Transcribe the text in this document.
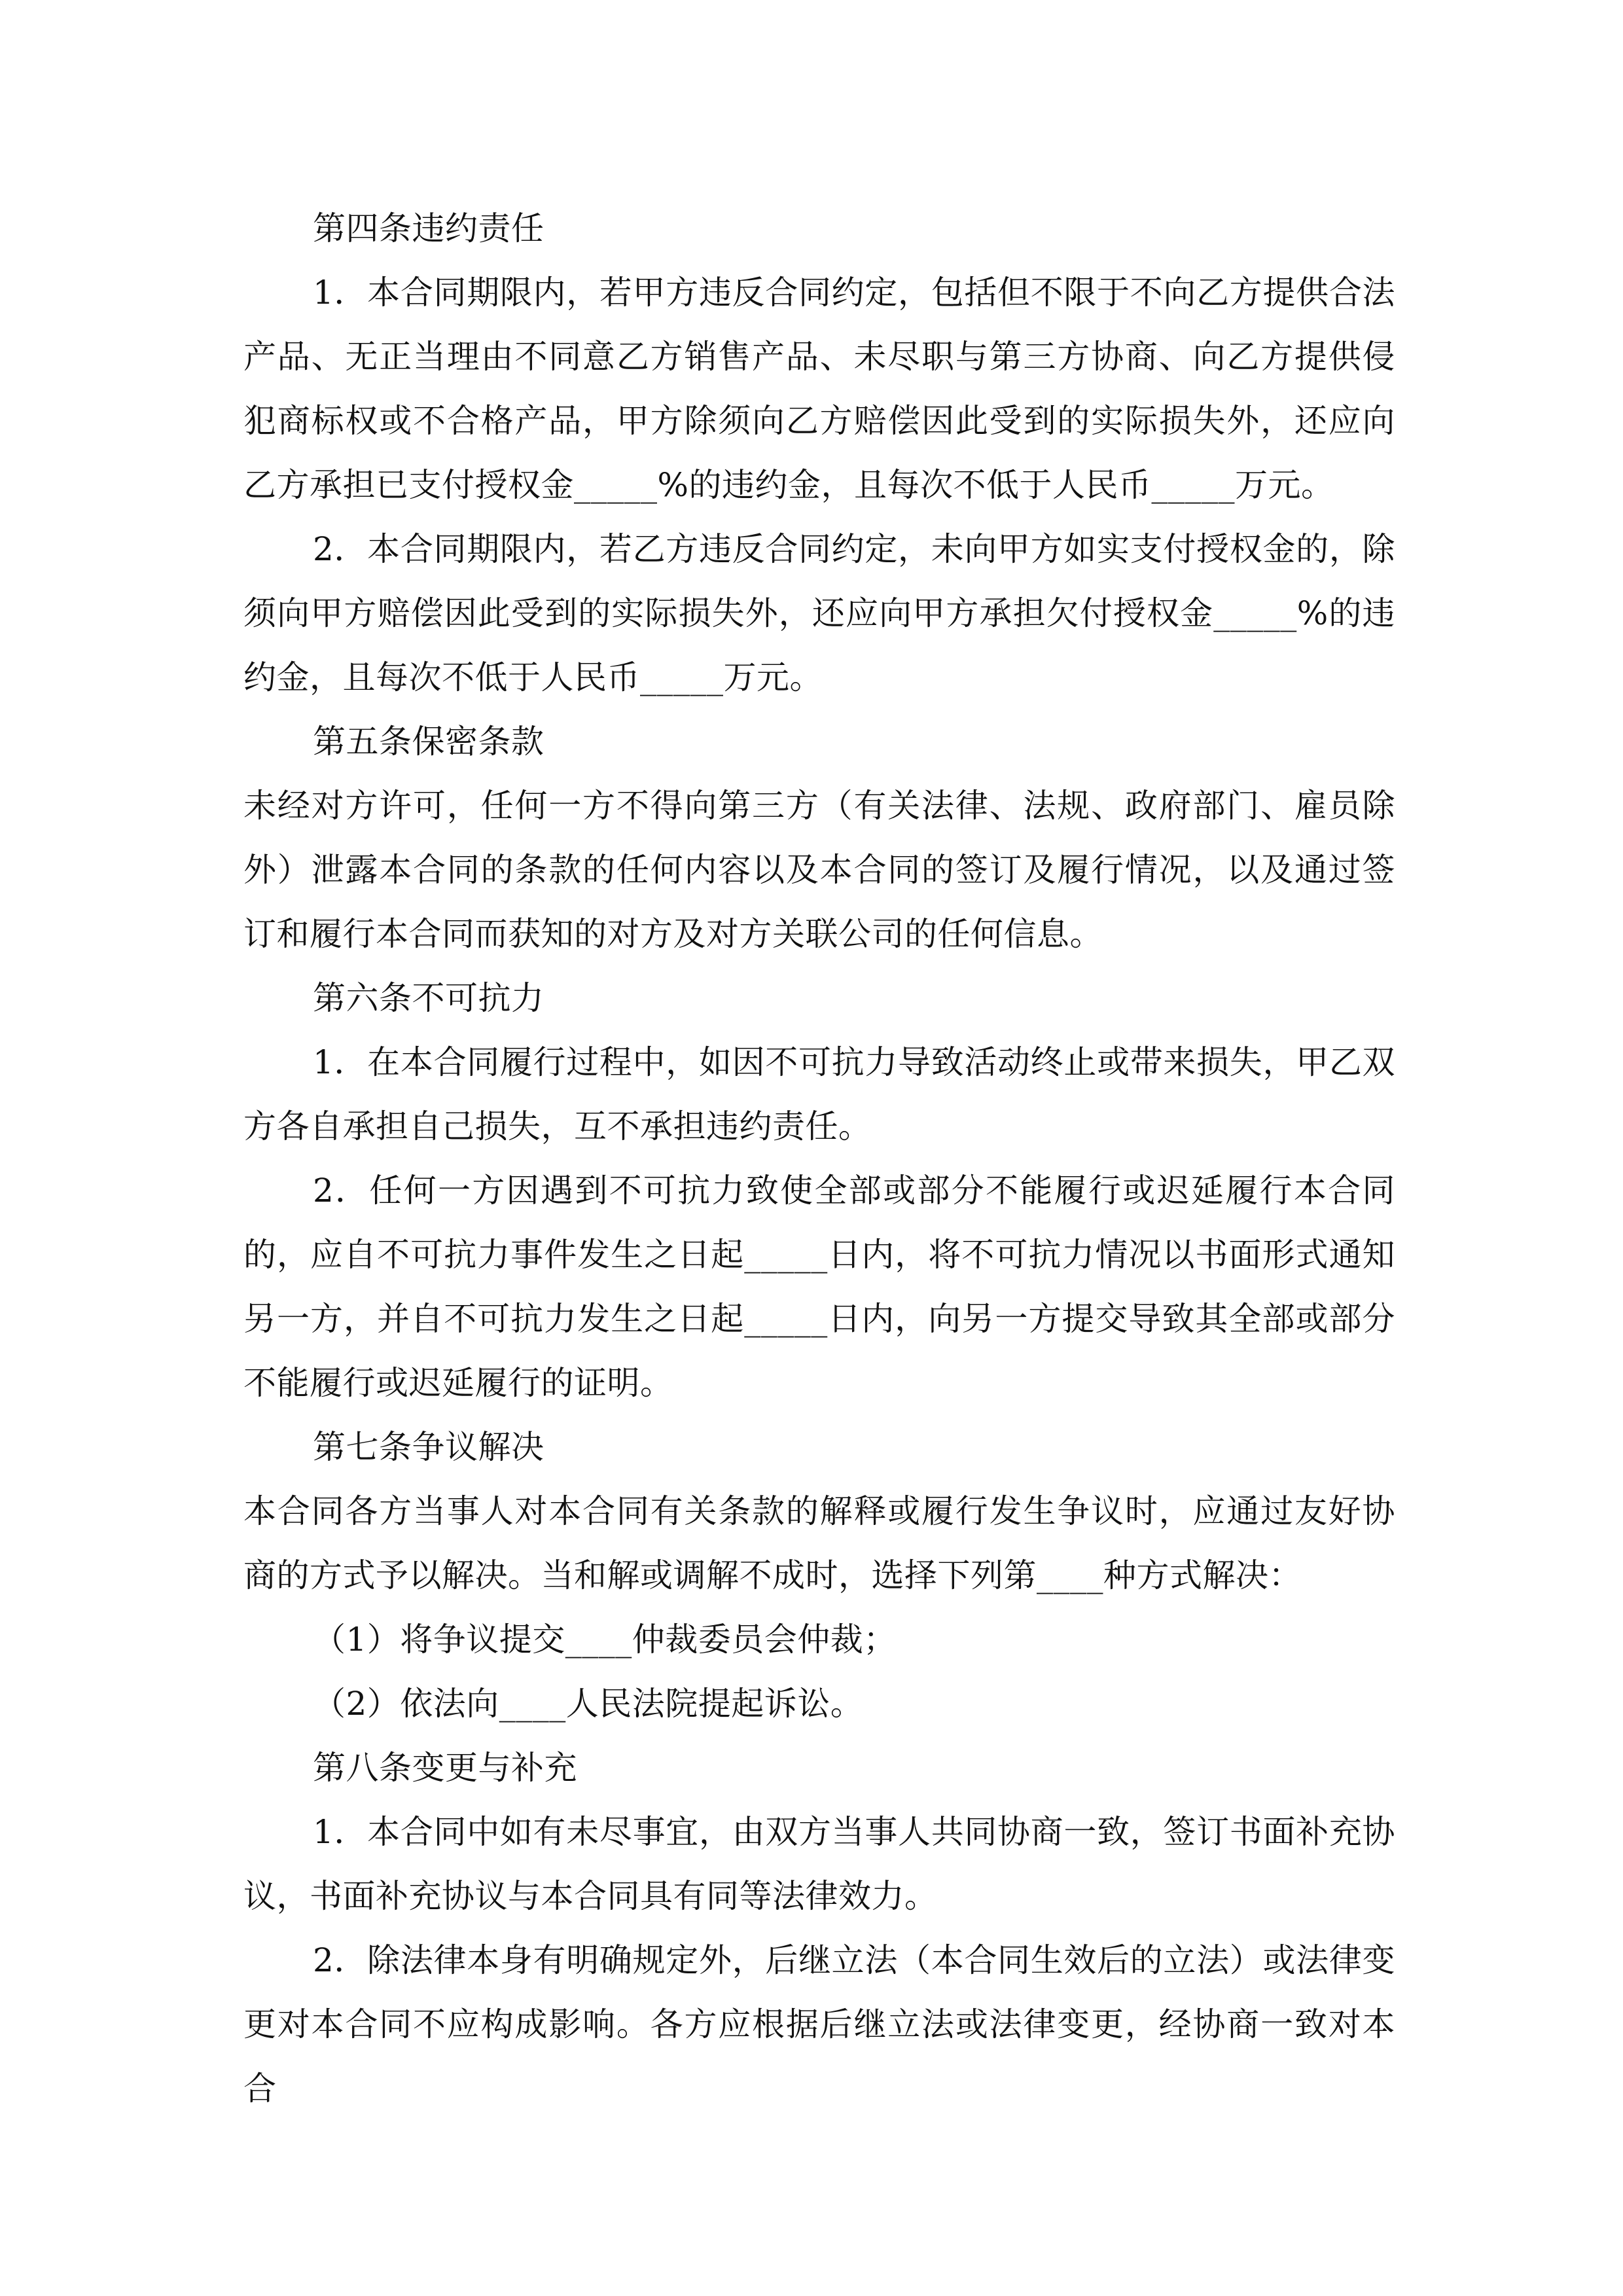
第四条违约责任

1．本合同期限内，若甲方违反合同约定，包括但不限于不向乙方提供合法产品、无正当理由不同意乙方销售产品、未尽职与第三方协商、向乙方提供侵犯商标权或不合格产品，甲方除须向乙方赔偿因此受到的实际损失外，还应向乙方承担已支付授权金_____%的违约金，且每次不低于人民币_____万元。

2．本合同期限内，若乙方违反合同约定，未向甲方如实支付授权金的，除须向甲方赔偿因此受到的实际损失外，还应向甲方承担欠付授权金_____%的违约金，且每次不低于人民币_____万元。

第五条保密条款

未经对方许可，任何一方不得向第三方（有关法律、法规、政府部门、雇员除外）泄露本合同的条款的任何内容以及本合同的签订及履行情况，以及通过签订和履行本合同而获知的对方及对方关联公司的任何信息。

第六条不可抗力

1．在本合同履行过程中，如因不可抗力导致活动终止或带来损失，甲乙双方各自承担自己损失，互不承担违约责任。

2．任何一方因遇到不可抗力致使全部或部分不能履行或迟延履行本合同的，应自不可抗力事件发生之日起_____日内，将不可抗力情况以书面形式通知另一方，并自不可抗力发生之日起_____日内，向另一方提交导致其全部或部分不能履行或迟延履行的证明。

第七条争议解决

本合同各方当事人对本合同有关条款的解释或履行发生争议时，应通过友好协商的方式予以解决。当和解或调解不成时，选择下列第____种方式解决：

（1）将争议提交____仲裁委员会仲裁；

（2）依法向____人民法院提起诉讼。

第八条变更与补充

1．本合同中如有未尽事宜，由双方当事人共同协商一致，签订书面补充协议，书面补充协议与本合同具有同等法律效力。

2．除法律本身有明确规定外，后继立法（本合同生效后的立法）或法律变更对本合同不应构成影响。各方应根据后继立法或法律变更，经协商一致对本合
